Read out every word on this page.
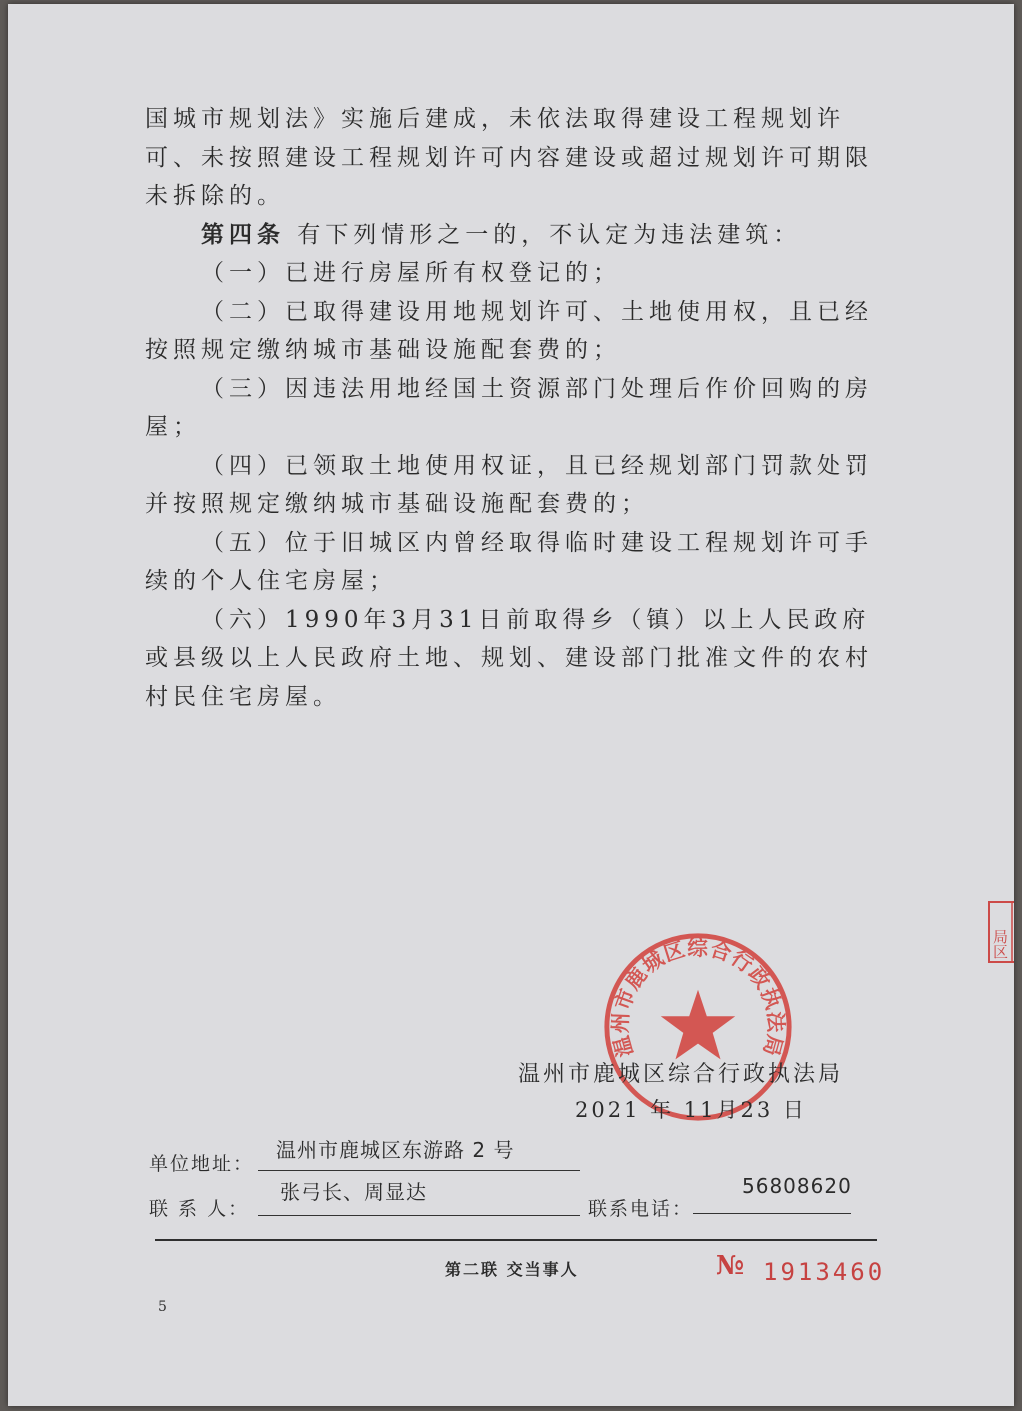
国城市规划法》实施后建成，未依法取得建设工程规划许可、未按照建设工程规划许可内容建设或超过规划许可期限未拆除的。

第四条 有下列情形之一的，不认定为违法建筑：

（一）已进行房屋所有权登记的；

（二）已取得建设用地规划许可、土地使用权，且已经按照规定缴纳城市基础设施配套费的；

（三）因违法用地经国土资源部门处理后作价回购的房屋；

（四）已领取土地使用权证，且已经规划部门罚款处罚并按照规定缴纳城市基础设施配套费的；

（五）位于旧城区内曾经取得临时建设工程规划许可手续的个人住宅房屋；

（六）1990年3月31日前取得乡（镇）以上人民政府或县级以上人民政府土地、规划、建设部门批准文件的农村村民住宅房屋。

温州市鹿城区综合行政执法局
温州市鹿城区综合行政执法局
2021 年 11月23 日
局区
单位地址：
温州市鹿城区东游路 2 号
联 系 人：
张弓长、周显达
联系电话：
56808620
第二联 交当事人	№ 1913460
5
